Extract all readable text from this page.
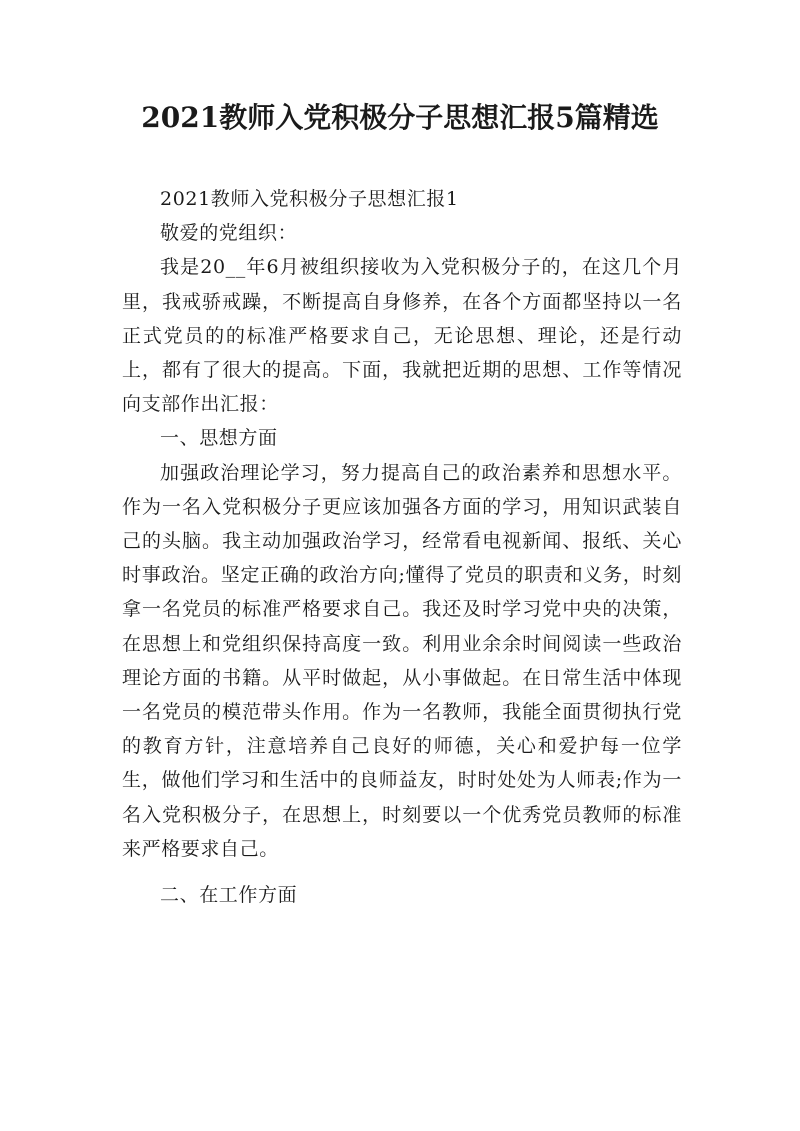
2021教师入党积极分子思想汇报5篇精选

2021教师入党积极分子思想汇报1

敬爱的党组织：

我是20__年6月被组织接收为入党积极分子的，在这几个月里，我戒骄戒躁，不断提高自身修养，在各个方面都坚持以一名正式党员的的标准严格要求自己，无论思想、理论，还是行动上，都有了很大的提高。下面，我就把近期的思想、工作等情况向支部作出汇报：

一、思想方面

加强政治理论学习，努力提高自己的政治素养和思想水平。作为一名入党积极分子更应该加强各方面的学习，用知识武装自己的头脑。我主动加强政治学习，经常看电视新闻、报纸、关心时事政治。坚定正确的政治方向;懂得了党员的职责和义务，时刻拿一名党员的标准严格要求自己。我还及时学习党中央的决策，在思想上和党组织保持高度一致。利用业余余时间阅读一些政治理论方面的书籍。从平时做起，从小事做起。在日常生活中体现一名党员的模范带头作用。作为一名教师，我能全面贯彻执行党的教育方针，注意培养自己良好的师德，关心和爱护每一位学生，做他们学习和生活中的良师益友，时时处处为人师表;作为一名入党积极分子，在思想上，时刻要以一个优秀党员教师的标准来严格要求自己。

二、在工作方面
